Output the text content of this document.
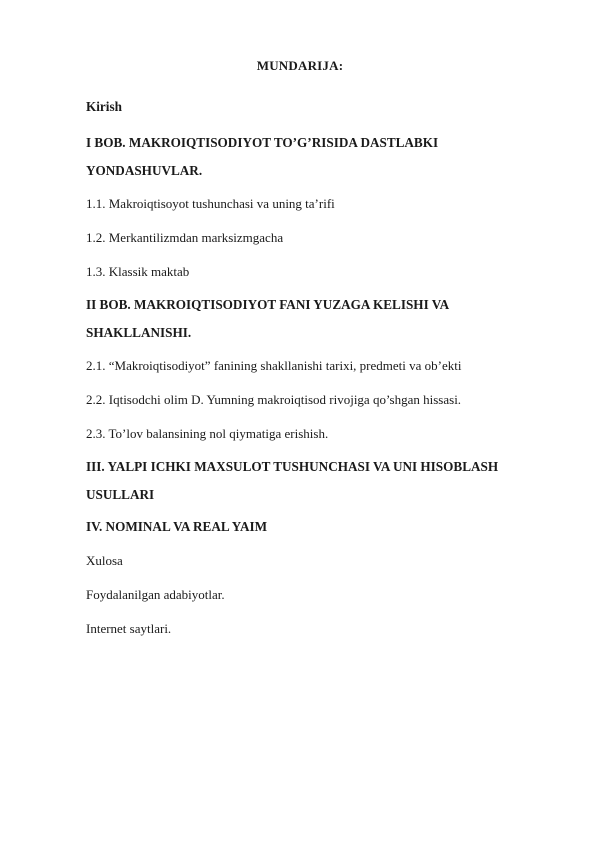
MUNDARIJA:

Kirish

I BOB. MAKROIQTISODIYOT TO’G’RISIDA DASTLABKI

YONDASHUVLAR.

1.1. Makroiqtisoyot tushunchasi va uning ta’rifi

1.2. Merkantilizmdan marksizmgacha

1.3. Klassik maktab

II BOB. MAKROIQTISODIYOT FANI YUZAGA KELISHI VA

SHAKLLANISHI.

2.1. “Makroiqtisodiyot” fanining shakllanishi tarixi, predmeti va ob’ekti

2.2. Iqtisodchi olim D. Yumning makroiqtisod rivojiga qo’shgan hissasi.

2.3. To’lov balansining nol qiymatiga erishish.

III. YALPI ICHKI MAXSULOT TUSHUNCHASI VA UNI HISOBLASH

USULLARI

IV. NOMINAL VA REAL YAIM

Xulosa

Foydalanilgan adabiyotlar.

Internet saytlari.
